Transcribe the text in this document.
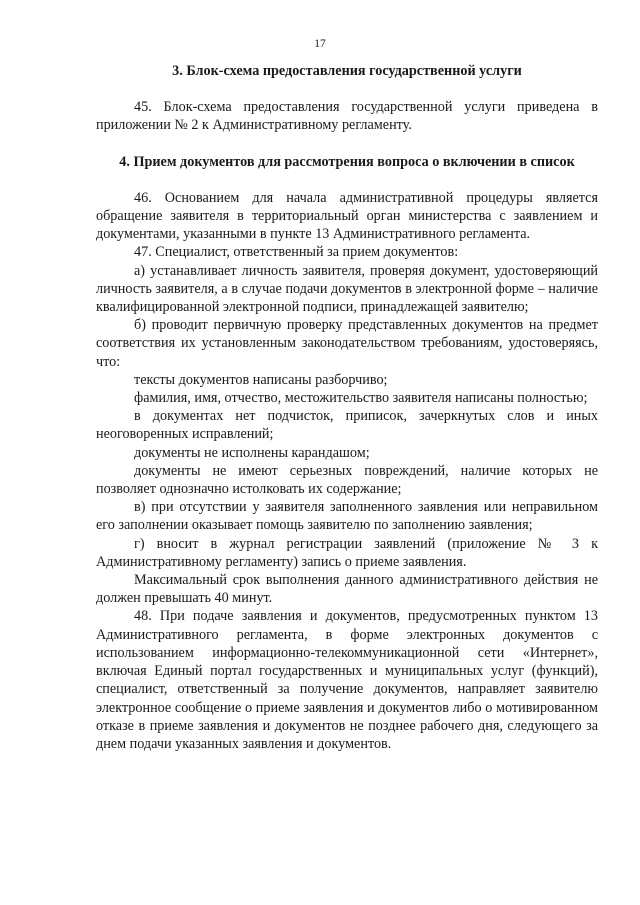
17
3. Блок-схема предоставления государственной услуги

45. Блок-схема предоставления государственной услуги приведена в приложении № 2 к Административному регламенту.

4. Прием документов для рассмотрения вопроса о включении в список

46. Основанием для начала административной процедуры является обращение заявителя в территориальный орган министерства с заявлением и документами, указанными в пункте 13 Административного регламента.

47. Специалист, ответственный за прием документов:

а) устанавливает личность заявителя, проверяя документ, удостоверяющий личность заявителя, а в случае подачи документов в электронной форме – наличие квалифицированной электронной подписи, принадлежащей заявителю;

б) проводит первичную проверку представленных документов на предмет соответствия их установленным законодательством требованиям, удостоверяясь, что:

тексты документов написаны разборчиво;

фамилия, имя, отчество, местожительство заявителя написаны полностью;

в документах нет подчисток, приписок, зачеркнутых слов и иных неоговоренных исправлений;

документы не исполнены карандашом;

документы не имеют серьезных повреждений, наличие которых не позволяет однозначно истолковать их содержание;

в) при отсутствии у заявителя заполненного заявления или неправильном его заполнении оказывает помощь заявителю по заполнению заявления;

г) вносит в журнал регистрации заявлений (приложение № 3 к Административному регламенту) запись о приеме заявления.

Максимальный срок выполнения данного административного действия не должен превышать 40 минут.

48. При подаче заявления и документов, предусмотренных пунктом 13 Административного регламента, в форме электронных документов с использованием информационно-телекоммуникационной сети «Интернет», включая Единый портал государственных и муниципальных услуг (функций), специалист, ответственный за получение документов, направляет заявителю электронное сообщение о приеме заявления и документов либо о мотивированном отказе в приеме заявления и документов не позднее рабочего дня, следующего за днем подачи указанных заявления и документов.
